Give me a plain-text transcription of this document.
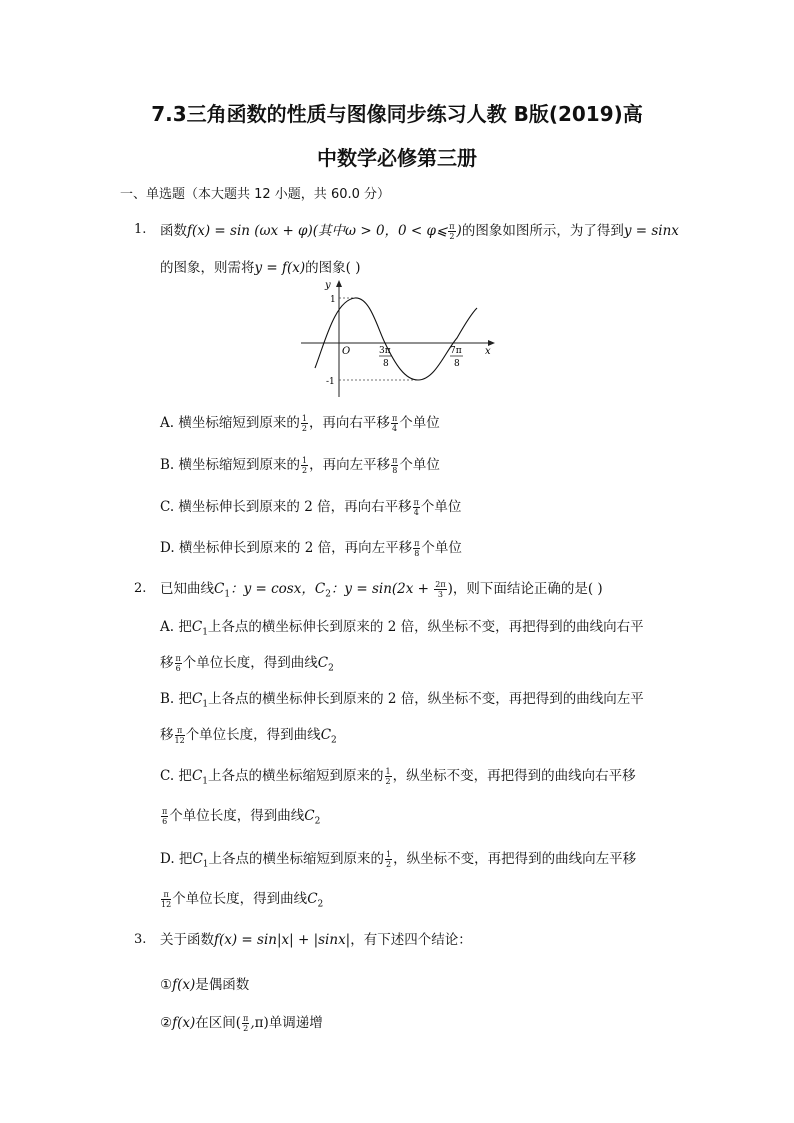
7.3三角函数的性质与图像同步练习人教 B版(2019)高
中数学必修第三册
一、单选题（本大题共 12 小题，共 60.0 分）
1. 函数f(x) = sin (ωx + φ)(其中ω > 0，0 < φ⩽ $\frac{\pi}{2}$ )的图象如图所示，为了得到y = sinx
的图象，则需将y = f(x)的图象( )
y
x
O
1
-1
3π
8
7π
8
A. 横坐标缩短到原来的 $\frac{1}{2}$ ，再向右平移 $\frac{\pi}{4}$ 个单位
B. 横坐标缩短到原来的 $\frac{1}{2}$ ，再向左平移 $\frac{\pi}{8}$ 个单位
C. 横坐标伸长到原来的 2 倍，再向右平移 $\frac{\pi}{4}$ 个单位
D. 横坐标伸长到原来的 2 倍，再向左平移 $\frac{\pi}{8}$ 个单位
2. 已知曲线$C_1$：y = cosx，$C_2$：$y = \sin(2x + \frac{2\pi}{3}$ )，则下面结论正确的是( )
A. 把$C_1$上各点的横坐标伸长到原来的 2 倍，纵坐标不变，再把得到的曲线向右平
移 $\frac{\pi}{6}$ 个单位长度，得到曲线$C_2$
B. 把$C_1$上各点的横坐标伸长到原来的 2 倍，纵坐标不变，再把得到的曲线向左平
移 $\frac{\pi}{12}$ 个单位长度，得到曲线$C_2$
C. 把$C_1$上各点的横坐标缩短到原来的 $\frac{1}{2}$ ，纵坐标不变，再把得到的曲线向右平移
$\frac{\pi}{6}$ 个单位长度，得到曲线$C_2$
D. 把$C_1$上各点的横坐标缩短到原来的 $\frac{1}{2}$ ，纵坐标不变，再把得到的曲线向左平移
$\frac{\pi}{12}$ 个单位长度，得到曲线$C_2$
3. 关于函数f(x) = sin|x| + |sinx|，有下述四个结论：
①f(x)是偶函数
②f(x)在区间( $\frac{\pi}{2} ,\pi$)单调递增
